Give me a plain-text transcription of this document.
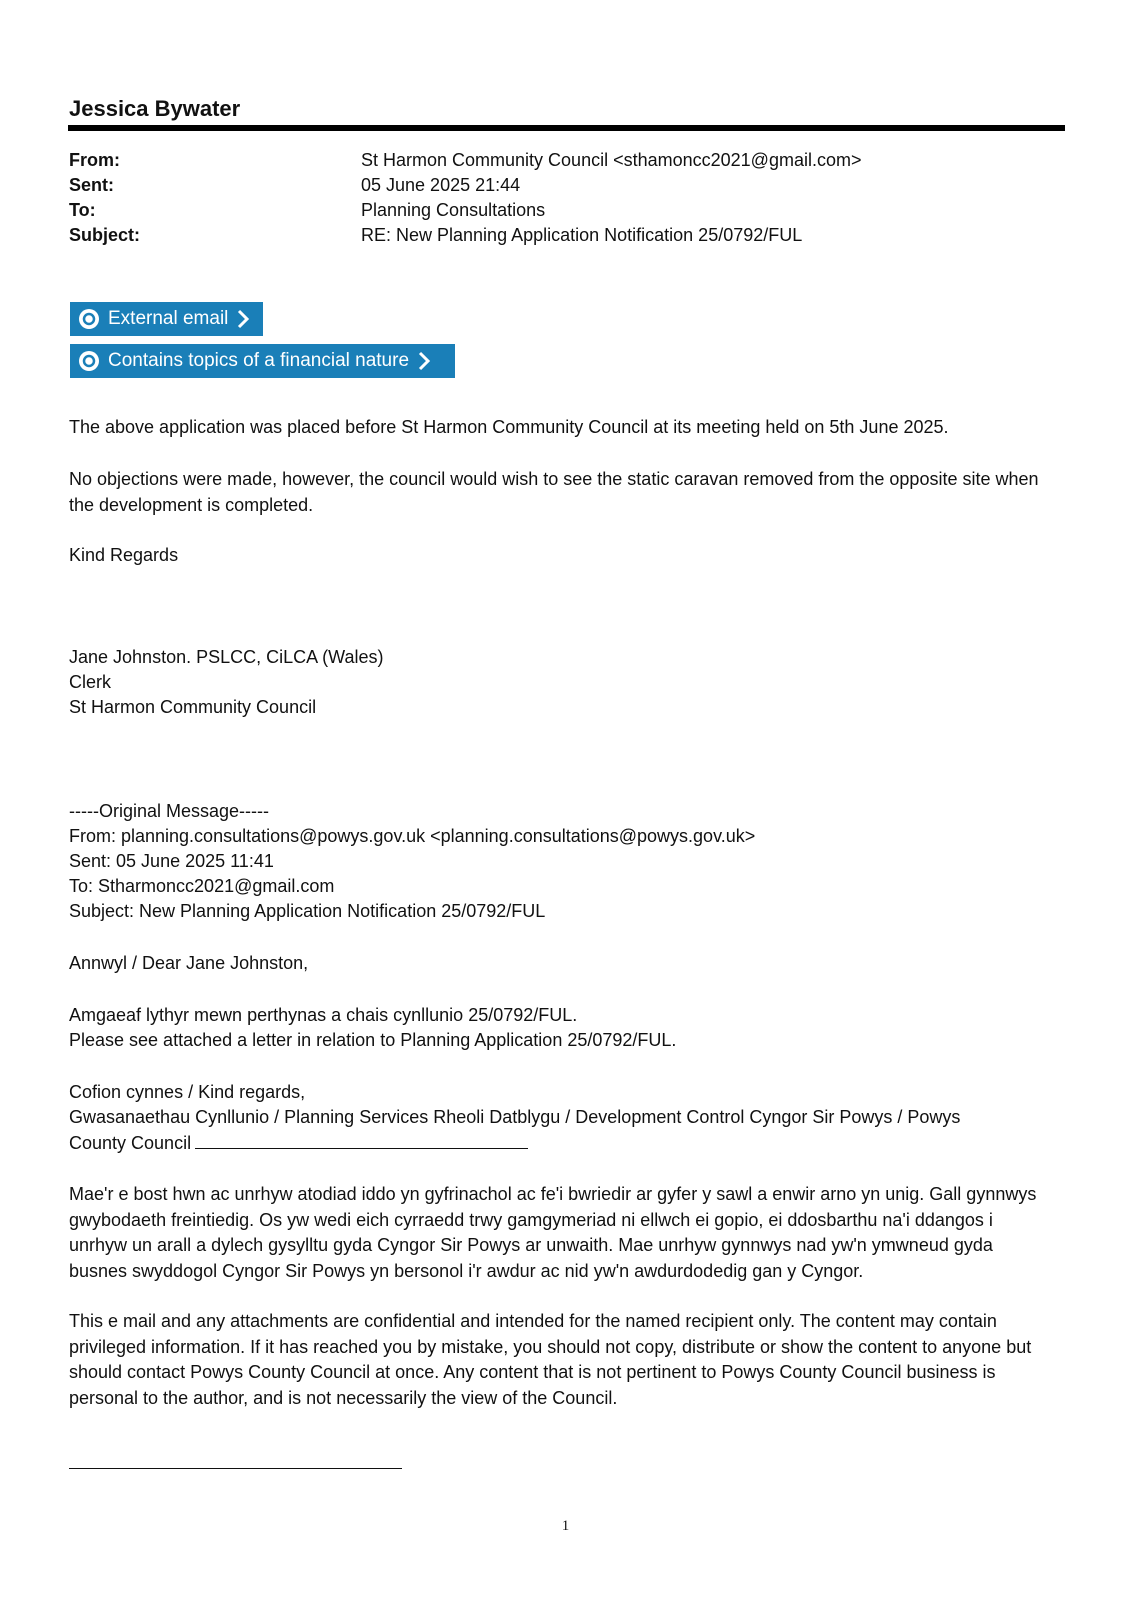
Jessica Bywater
From:	St Harmon Community Council <sthamoncc2021@gmail.com>
Sent:	05 June 2025 21:44
To:	Planning Consultations
Subject:	RE: New Planning Application Notification 25/0792/FUL
External email
Contains topics of a financial nature
The above application was placed before St Harmon Community Council at its meeting held on 5th June 2025.
No objections were made, however, the council would wish to see the static caravan removed from the opposite site when the development is completed.
Kind Regards
Jane Johnston. PSLCC, CiLCA (Wales)
Clerk
St Harmon Community Council
-----Original Message-----
From: planning.consultations@powys.gov.uk <planning.consultations@powys.gov.uk>
Sent: 05 June 2025 11:41
To: Stharmoncc2021@gmail.com
Subject: New Planning Application Notification 25/0792/FUL
Annwyl / Dear Jane Johnston,
Amgaeaf lythyr mewn perthynas a chais cynllunio 25/0792/FUL.
Please see attached a letter in relation to Planning Application 25/0792/FUL.
Cofion cynnes / Kind regards,
Gwasanaethau Cynllunio / Planning Services Rheoli Datblygu / Development Control Cyngor Sir Powys / Powys
County Council
Mae'r e bost hwn ac unrhyw atodiad iddo yn gyfrinachol ac fe'i bwriedir ar gyfer y sawl a enwir arno yn unig. Gall gynnwys gwybodaeth freintiedig. Os yw wedi eich cyrraedd trwy gamgymeriad ni ellwch ei gopio, ei ddosbarthu na'i ddangos i unrhyw un arall a dylech gysylltu gyda Cyngor Sir Powys ar unwaith. Mae unrhyw gynnwys nad yw'n ymwneud gyda busnes swyddogol Cyngor Sir Powys yn bersonol i'r awdur ac nid yw'n awdurdodedig gan y Cyngor.
This e mail and any attachments are confidential and intended for the named recipient only. The content may contain privileged information. If it has reached you by mistake, you should not copy, distribute or show the content to anyone but should contact Powys County Council at once. Any content that is not pertinent to Powys County Council business is personal to the author, and is not necessarily the view of the Council.
1
